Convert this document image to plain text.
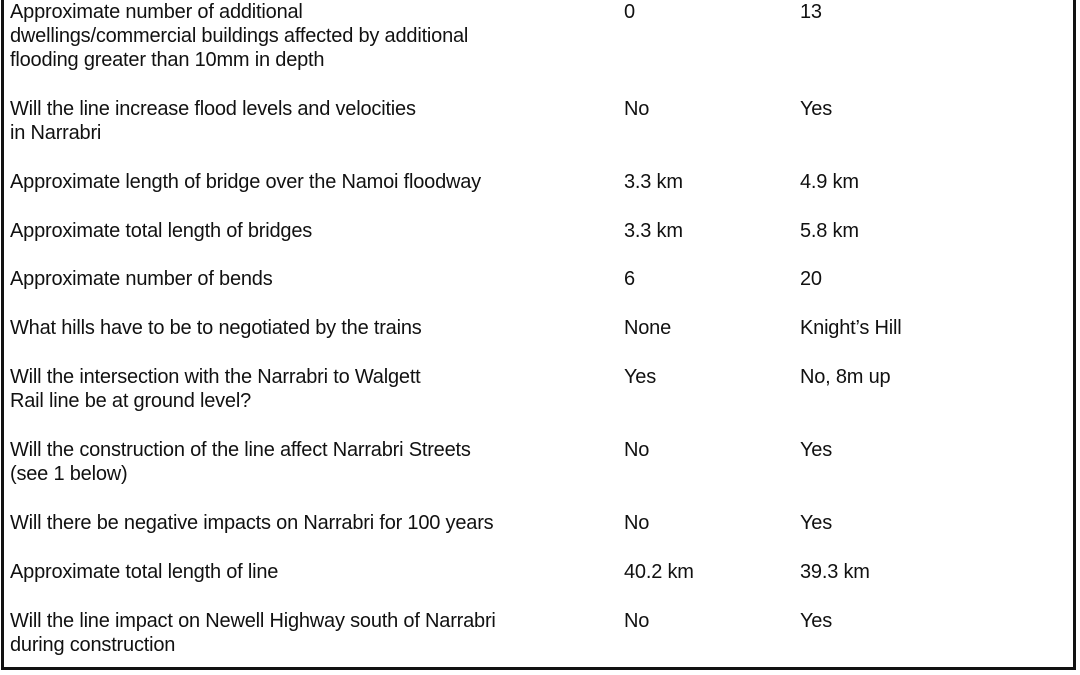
Approximate number of additional
dwellings/commercial buildings affected by additional
flooding greater than 10mm in depth
0	13
Will the line increase flood levels and velocities
in Narrabri
No	Yes
Approximate length of bridge over the Namoi floodway	3.3 km	4.9 km
Approximate total length of bridges	3.3 km	5.8 km
Approximate number of bends	6	20
What hills have to be to negotiated by the trains	None	Knight’s Hill
Will the intersection with the Narrabri to Walgett
Rail line be at ground level?
Yes	No, 8m up
Will the construction of the line affect Narrabri Streets
(see 1 below)
No	Yes
Will there be negative impacts on Narrabri for 100 years	No	Yes
Approximate total length of line	40.2 km	39.3 km
Will the line impact on Newell Highway south of Narrabri
during construction
No	Yes
